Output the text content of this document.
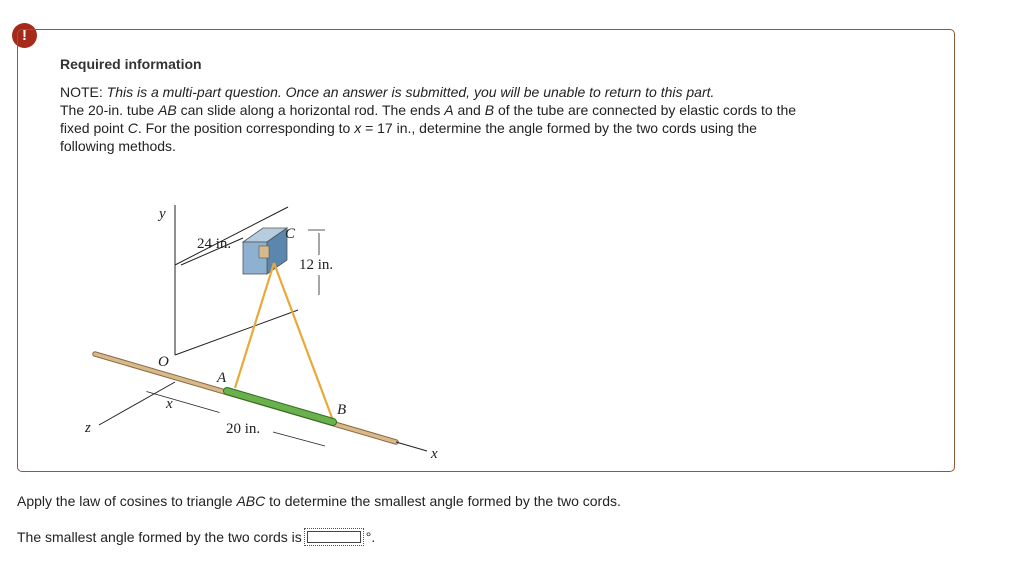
!
Required information

NOTE: This is a multi-part question. Once an answer is submitted, you will be unable to return to this part.

The 20-in. tube AB can slide along a horizontal rod. The ends A and B of the tube are connected by elastic cords to the

fixed point C. For the position corresponding to x = 17 in., determine the angle formed by the two cords using the

following methods.

y
24 in.
C
12 in.
O
A
B
z
x
20 in.
x
Apply the law of cosines to triangle ABC to determine the smallest angle formed by the two cords.
The smallest angle formed by the two cords is	°.
